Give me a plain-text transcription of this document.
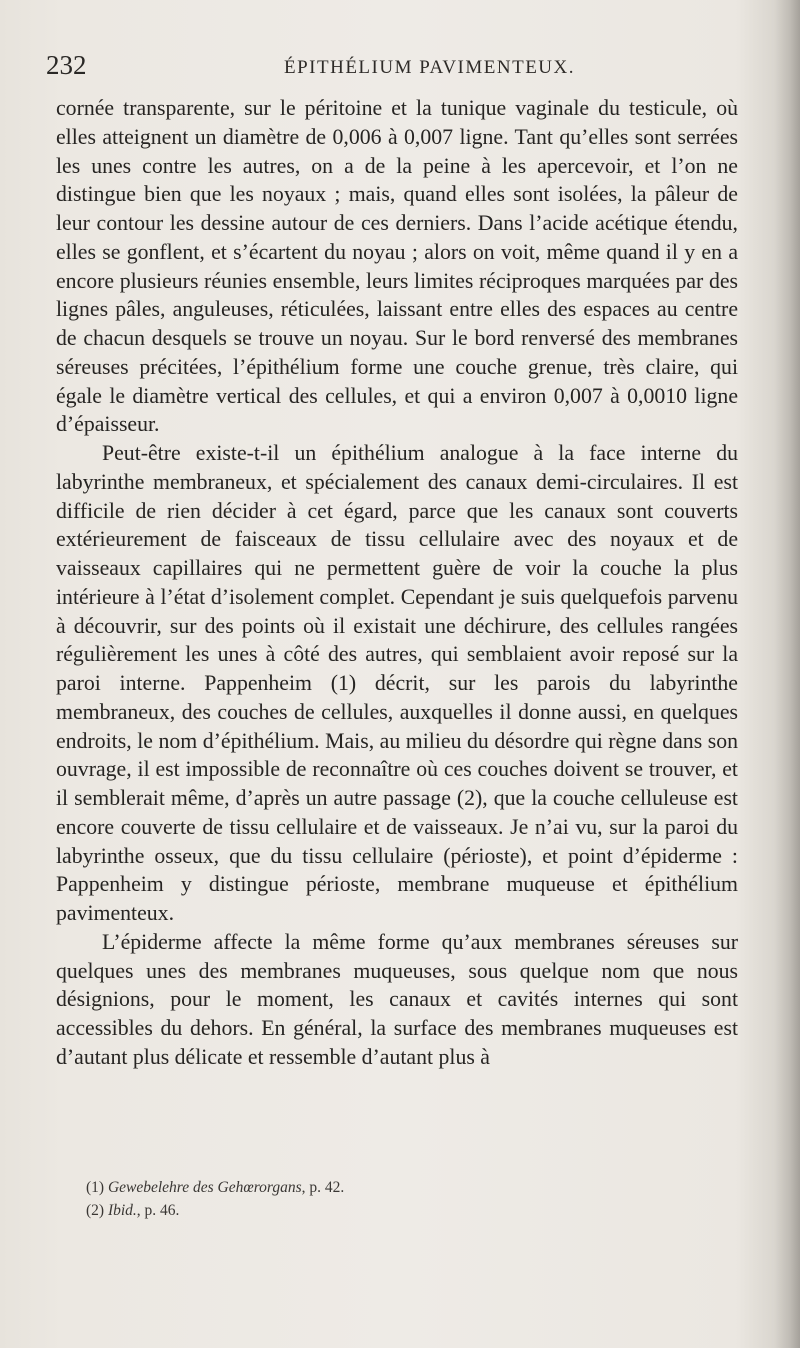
232	ÉPITHÉLIUM PAVIMENTEUX.

cornée transparente, sur le péritoine et la tunique vaginale du testicule, où elles atteignent un diamètre de 0,006 à 0,007 ligne. Tant qu’elles sont serrées les unes contre les autres, on a de la peine à les apercevoir, et l’on ne distingue bien que les noyaux ; mais, quand elles sont isolées, la pâleur de leur contour les dessine autour de ces derniers. Dans l’acide acétique étendu, elles se gonflent, et s’écartent du noyau ; alors on voit, même quand il y en a encore plusieurs réunies ensemble, leurs limites réciproques marquées par des lignes pâles, anguleuses, réticulées, laissant entre elles des espaces au centre de chacun desquels se trouve un noyau. Sur le bord renversé des membranes séreuses précitées, l’épithélium forme une couche grenue, très claire, qui égale le diamètre vertical des cellules, et qui a environ 0,007 à 0,0010 ligne d’épaisseur.

Peut-être existe-t-il un épithélium analogue à la face interne du labyrinthe membraneux, et spécialement des canaux demi-circulaires. Il est difficile de rien décider à cet égard, parce que les canaux sont couverts extérieurement de faisceaux de tissu cellulaire avec des noyaux et de vaisseaux capillaires qui ne permettent guère de voir la couche la plus intérieure à l’état d’isolement complet. Cependant je suis quelquefois parvenu à découvrir, sur des points où il existait une déchirure, des cellules rangées régulièrement les unes à côté des autres, qui semblaient avoir reposé sur la paroi interne. Pappenheim (1) décrit, sur les parois du labyrinthe membraneux, des couches de cellules, auxquelles il donne aussi, en quelques endroits, le nom d’épithélium. Mais, au milieu du désordre qui règne dans son ouvrage, il est impossible de reconnaître où ces couches doivent se trouver, et il semblerait même, d’après un autre passage (2), que la couche celluleuse est encore couverte de tissu cellulaire et de vaisseaux. Je n’ai vu, sur la paroi du labyrinthe osseux, que du tissu cellulaire (périoste), et point d’épiderme : Pappenheim y distingue périoste, membrane muqueuse et épithélium pavimenteux.

L’épiderme affecte la même forme qu’aux membranes séreuses sur quelques unes des membranes muqueuses, sous quelque nom que nous désignions, pour le moment, les canaux et cavités internes qui sont accessibles du dehors. En général, la surface des membranes muqueuses est d’autant plus délicate et ressemble d’autant plus à

(1) Gewebelehre des Gehœrorgans, p. 42.

(2) Ibid., p. 46.
